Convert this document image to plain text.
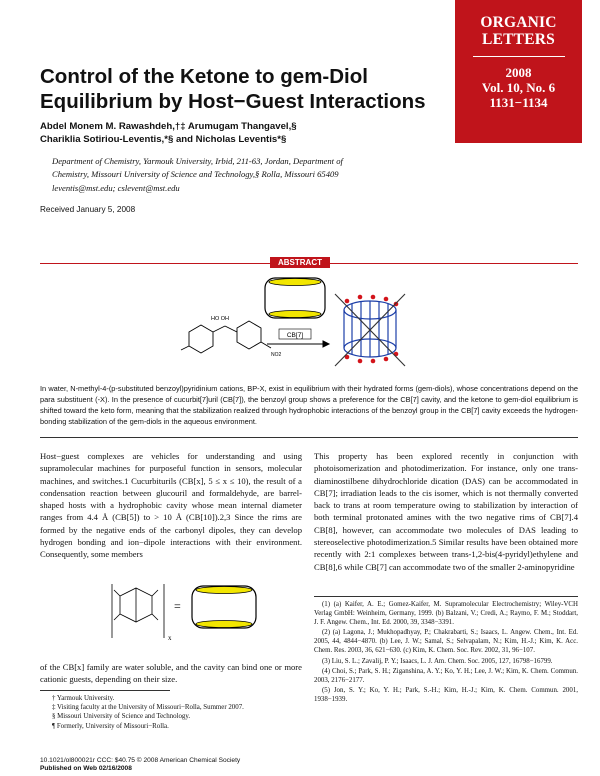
ORGANIC
LETTERS
2008
Vol. 10, No. 6
1131−1134
Control of the Ketone to gem-Diol
Equilibrium by Host−Guest Interactions
Abdel Monem M. Rawashdeh,†‡ Arumugam Thangavel,§
Chariklia Sotiriou-Leventis,*§ and Nicholas Leventis*§
Department of Chemistry, Yarmouk University, Irbid, 211-63, Jordan, Department of
Chemistry, Missouri University of Science and Technology,§ Rolla, Missouri 65409
leventis@mst.edu; cslevent@mst.edu
Received January 5, 2008
ABSTRACT
HO OH
NO2
CB[7]
In water, N-methyl-4-(p-substituted benzoyl)pyridinium cations, BP-X, exist in equilibrium with their hydrated forms (gem-diols), whose concentrations depend on the para substituent (-X). In the presence of cucurbit[7]uril (CB[7]), the benzoyl group shows a preference for the CB[7] cavity, and the ketone to gem-diol equilibrium is shifted toward the keto form, meaning that the stabilization realized through hydrophobic interactions of the benzoyl group in the CB[7] cavity exceeds the hydrogen-bonding stabilization of the gem-diols in the aqueous environment.
Host−guest complexes are vehicles for understanding and using supramolecular machines for purposeful function in sensors, molecular machines, and switches.1 Cucurbiturils (CB[x], 5 ≤ x ≤ 10), the result of a condensation reaction between glucouril and formaldehyde, are barrel-shaped hosts with a hydrophobic cavity whose mean internal diameter ranges from 4.4 Å (CB[5]) to > 10 Å (CB[10]).2,3 Since the rims are formed by the negative ends of the carbonyl dipoles, they can develop hydrogen bonding and ion−dipole interactions with their environment. Consequently, some members
x
=
of the CB[x] family are water soluble, and the cavity can bind one or more cationic guests, depending on their size.
† Yarmouk University.
‡ Visiting faculty at the University of Missouri−Rolla, Summer 2007.
§ Missouri University of Science and Technology.
¶ Formerly, University of Missouri−Rolla.
This property has been explored recently in conjunction with photoisomerization and photodimerization. For instance, only one trans-diaminostilbene dihydrochloride dication (DAS) can be accommodated in CB[7]; irradiation leads to the cis isomer, which is not thermally converted back to trans at room temperature owing to stabilization by interaction of both terminal protonated amines with the two negative rims of CB[7].4 CB[8], however, can accommodate two molecules of DAS leading to stereoselective photodimerization.5 Similar results have been obtained more recently with 2:1 complexes between trans-1,2-bis(4-pyridyl)ethylene and CB[8],6 while CB[7] can accommodate two of the smaller 2-aminopyridine

(1) (a) Kaifer, A. E.; Gomez-Kaifer, M. Supramolecular Electrochemistry; Wiley-VCH Verlag GmbH: Weinheim, Germany, 1999. (b) Balzani, V.; Credi, A.; Raymo, F. M.; Stoddart, J. F. Angew. Chem., Int. Ed. 2000, 39, 3348−3391.

(2) (a) Lagona, J.; Mukhopadhyay, P.; Chakrabarti, S.; Isaacs, L. Angew. Chem., Int. Ed. 2005, 44, 4844−4870. (b) Lee, J. W.; Samal, S.; Selvapalam, N.; Kim, H.-J.; Kim, K. Acc. Chem. Res. 2003, 36, 621−630. (c) Kim, K. Chem. Soc. Rev. 2002, 31, 96−107.

(3) Liu, S. L.; Zavalij, P. Y.; Isaacs, L. J. Am. Chem. Soc. 2005, 127, 16798−16799.

(4) Choi, S.; Park, S. H.; Ziganshina, A. Y.; Ko, Y. H.; Lee, J. W.; Kim, K. Chem. Commun. 2003, 2176−2177.

(5) Jon, S. Y.; Ko, Y. H.; Park, S.-H.; Kim, H.-J.; Kim, K. Chem. Commun. 2001, 1938−1939.

10.1021/ol800021r CCC: $40.75 © 2008 American Chemical Society
Published on Web 02/16/2008
